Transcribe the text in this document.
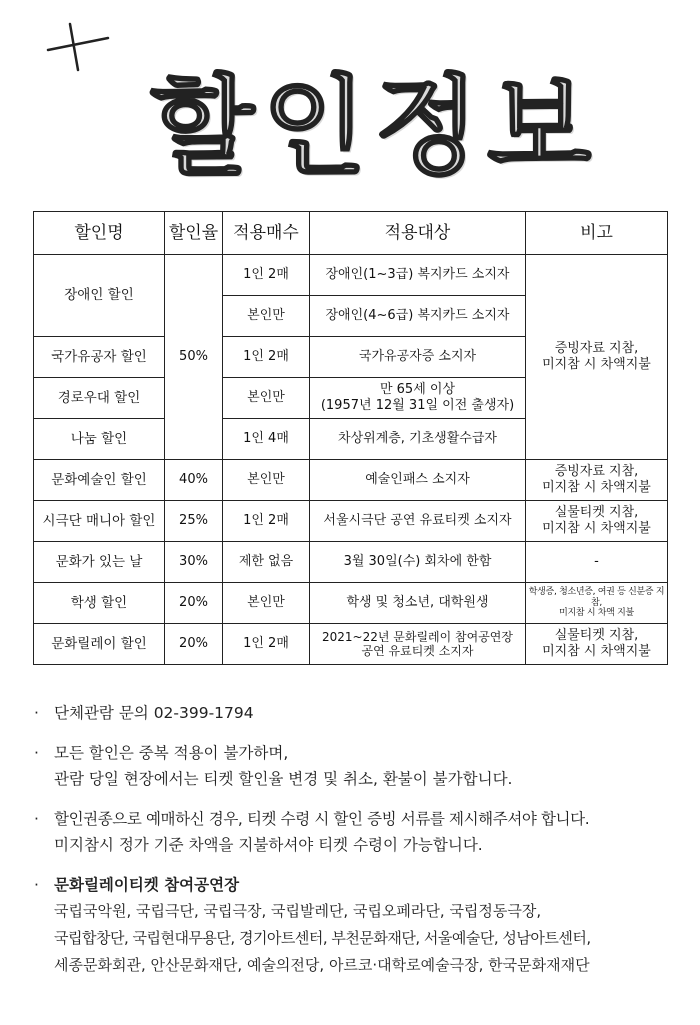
할인정보
할인명	할인율	적용매수	적용대상	비고
장애인 할인	50%	1인 2매	장애인(1~3급) 복지카드 소지자	증빙자료 지참,
미지참 시 차액지불
		본인만	장애인(4~6급) 복지카드 소지자	
국가유공자 할인		1인 2매	국가유공자증 소지자	
경로우대 할인		본인만	만 65세 이상
(1957년 12월 31일 이전 출생자)	
나눔 할인		1인 4매	차상위계층, 기초생활수급자	
문화예술인 할인	40%	본인만	예술인패스 소지자	증빙자료 지참,
미지참 시 차액지불
시극단 매니아 할인	25%	1인 2매	서울시극단 공연 유료티켓 소지자	실물티켓 지참,
미지참 시 차액지불
문화가 있는 날	30%	제한 없음	3월 30일(수) 회차에 한함	-
학생 할인	20%	본인만	학생 및 청소년, 대학원생	학생증, 청소년증, 여권 등 신분증 지참,
미지참 시 차액 지불
문화릴레이 할인	20%	1인 2매	2021~22년 문화릴레이 참여공연장
공연 유료티켓 소지자	실물티켓 지참,
미지참 시 차액지불
· 단체관람 문의 02-399-1794
· 모든 할인은 중복 적용이 불가하며,
관람 당일 현장에서는 티켓 할인율 변경 및 취소, 환불이 불가합니다.
· 할인권종으로 예매하신 경우, 티켓 수령 시 할인 증빙 서류를 제시해주셔야 합니다.
미지참시 정가 기준 차액을 지불하셔야 티켓 수령이 가능합니다.
· 문화릴레이티켓 참여공연장
국립국악원, 국립극단, 국립극장, 국립발레단, 국립오페라단, 국립정동극장,
국립합창단, 국립현대무용단, 경기아트센터, 부천문화재단, 서울예술단, 성남아트센터,
세종문화회관, 안산문화재단, 예술의전당, 아르코·대학로예술극장, 한국문화재재단
